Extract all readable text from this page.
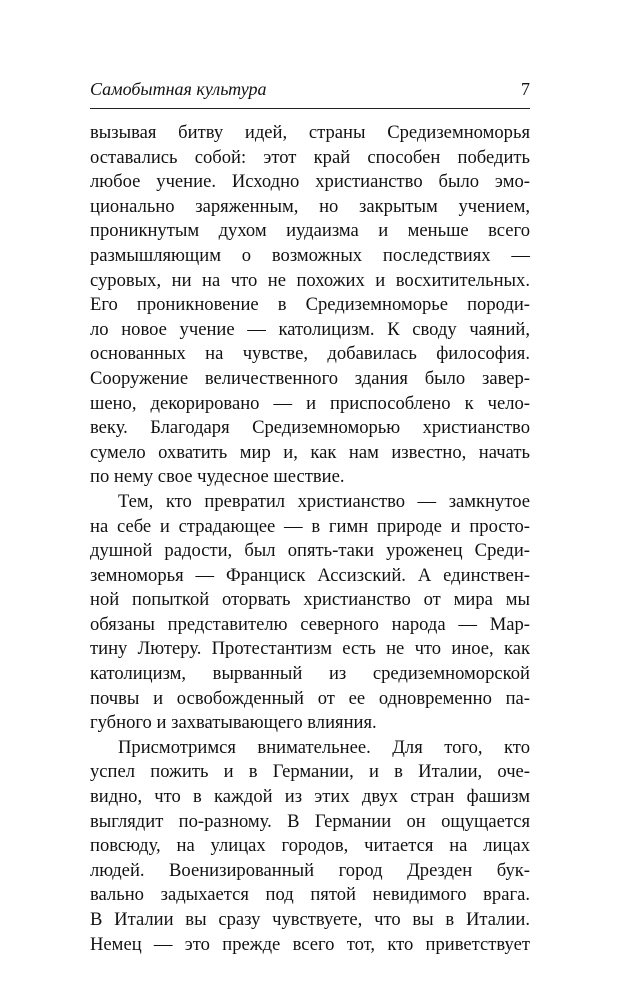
Самобытная культура	7
вызывая битву идей, страны Средиземноморья
оставались собой: этот край способен победить
любое учение. Исходно христианство было эмо-
ционально заряженным, но закрытым учением,
проникнутым духом иудаизма и меньше всего
размышляющим о возможных последствиях —
суровых, ни на что не похожих и восхитительных.
Его проникновение в Средиземноморье породи-
ло новое учение — католицизм. К своду чаяний,
основанных на чувстве, добавилась философия.
Сооружение величественного здания было завер-
шено, декорировано — и приспособлено к чело-
веку. Благодаря Средиземноморью христианство
сумело охватить мир и, как нам известно, начать
по нему свое чудесное шествие.
Тем, кто превратил христианство — замкнутое
на себе и страдающее — в гимн природе и просто-
душной радости, был опять-таки уроженец Среди-
земноморья — Франциск Ассизский. А единствен-
ной попыткой оторвать христианство от мира мы
обязаны представителю северного народа — Мар-
тину Лютеру. Протестантизм есть не что иное, как
католицизм, вырванный из средиземноморской
почвы и освобожденный от ее одновременно па-
губного и захватывающего влияния.
Присмотримся внимательнее. Для того, кто
успел пожить и в Германии, и в Италии, оче-
видно, что в каждой из этих двух стран фашизм
выглядит по-разному. В Германии он ощущается
повсюду, на улицах городов, читается на лицах
людей. Военизированный город Дрезден бук-
вально задыхается под пятой невидимого врага.
В Италии вы сразу чувствуете, что вы в Италии.
Немец — это прежде всего тот, кто приветствует
